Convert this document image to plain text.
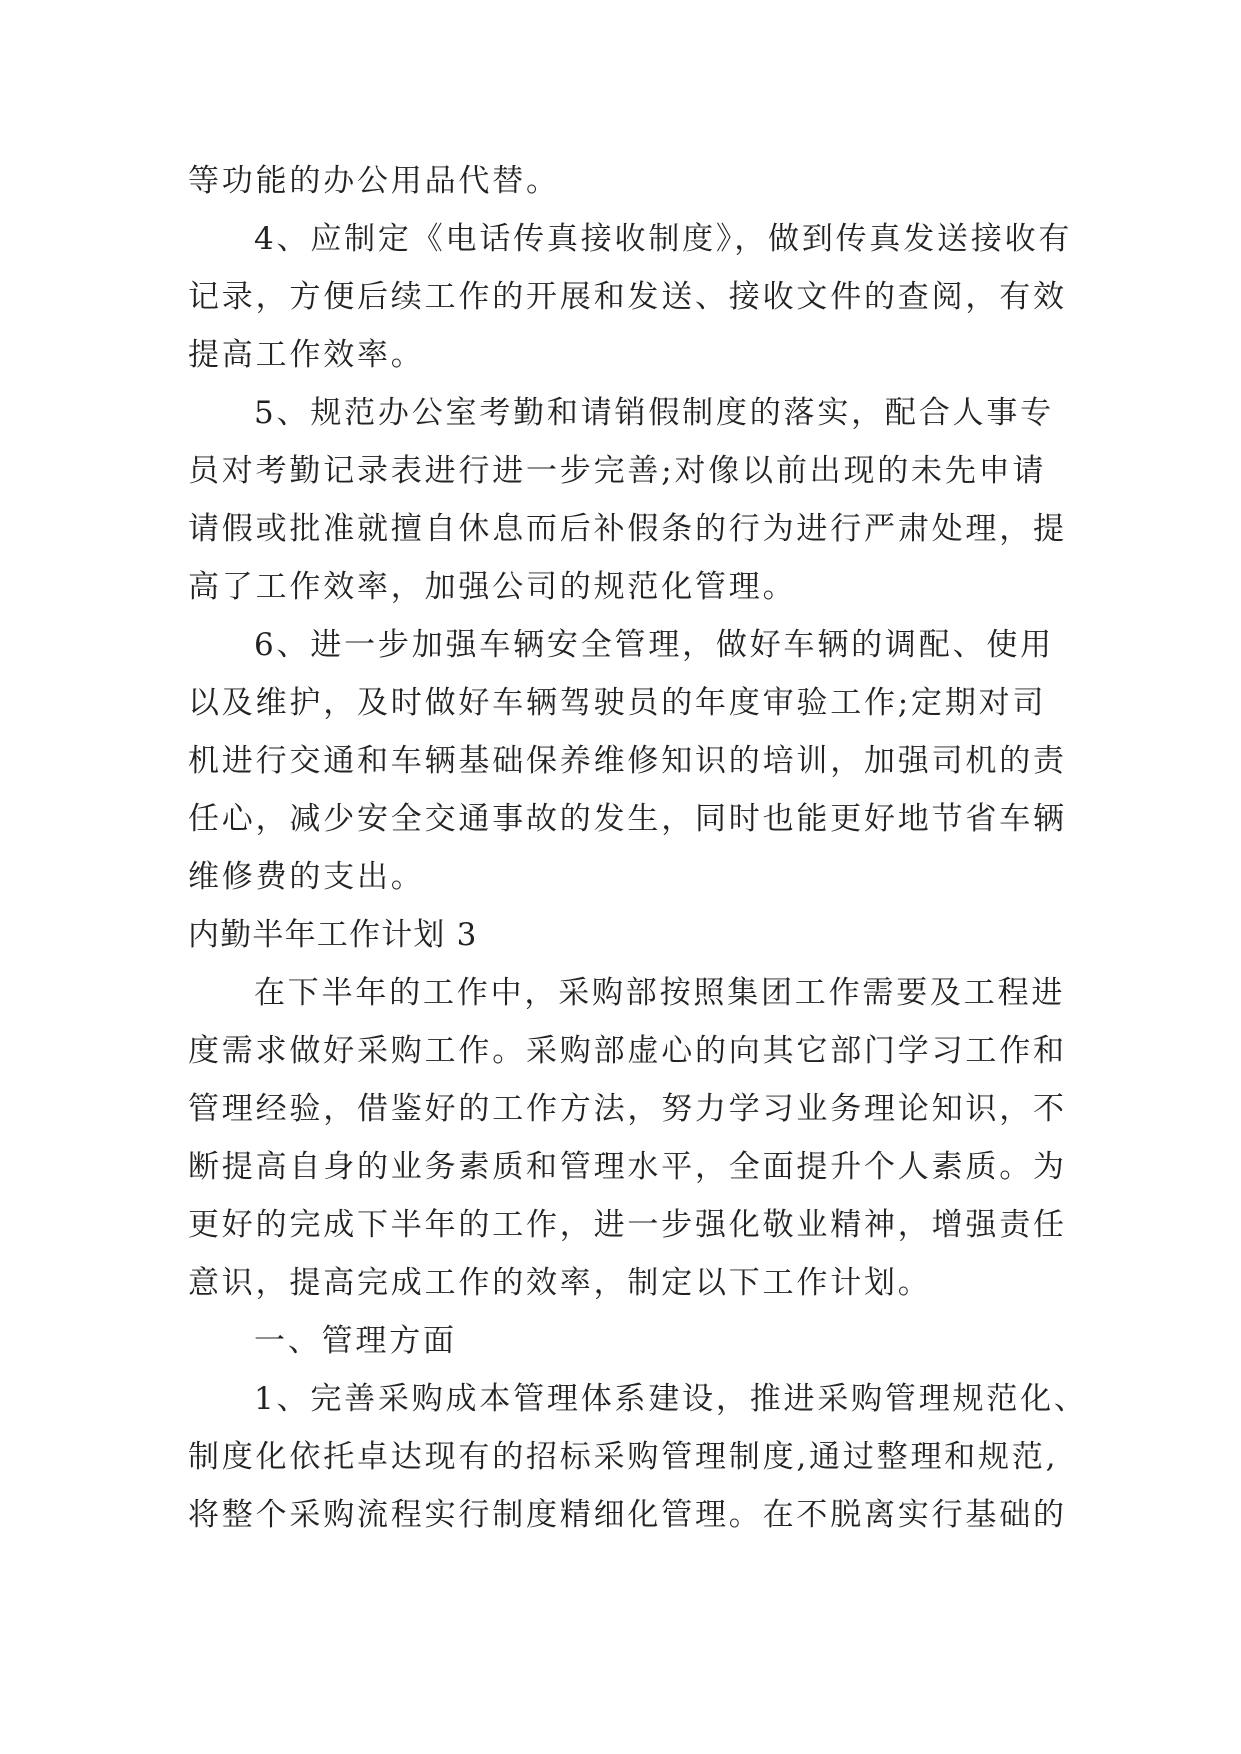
等功能的办公用品代替。
4、应制定《电话传真接收制度》，做到传真发送接收有
记录，方便后续工作的开展和发送、接收文件的查阅，有效
提高工作效率。
5、规范办公室考勤和请销假制度的落实，配合人事专
员对考勤记录表进行进一步完善;对像以前出现的未先申请
请假或批准就擅自休息而后补假条的行为进行严肃处理，提
高了工作效率，加强公司的规范化管理。
6、进一步加强车辆安全管理，做好车辆的调配、使用
以及维护，及时做好车辆驾驶员的年度审验工作;定期对司
机进行交通和车辆基础保养维修知识的培训，加强司机的责
任心，减少安全交通事故的发生，同时也能更好地节省车辆
维修费的支出。
内勤半年工作计划 3
在下半年的工作中，采购部按照集团工作需要及工程进
度需求做好采购工作。采购部虚心的向其它部门学习工作和
管理经验，借鉴好的工作方法，努力学习业务理论知识，不
断提高自身的业务素质和管理水平，全面提升个人素质。为
更好的完成下半年的工作，进一步强化敬业精神，增强责任
意识，提高完成工作的效率，制定以下工作计划。
一、管理方面
1、完善采购成本管理体系建设，推进采购管理规范化、
制度化依托卓达现有的招标采购管理制度,通过整理和规范,
将整个采购流程实行制度精细化管理。在不脱离实行基础的
